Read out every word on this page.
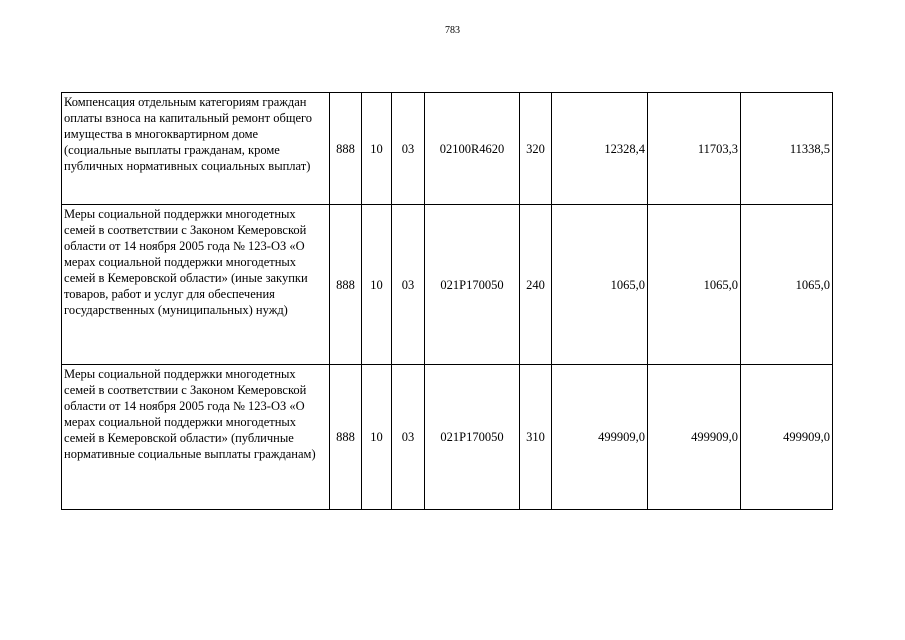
783
Компенсация отдельным категориям граждан оплаты взноса на капитальный ремонт общего имущества в многоквартирном доме (социальные выплаты гражданам, кроме публичных нормативных социальных выплат)	888	10	03	02100R4620	320	12328,4	11703,3	11338,5
Меры социальной поддержки многодетных семей в соответствии с Законом Кемеровской области от 14 ноября 2005 года № 123-ОЗ «О мерах социальной поддержки многодетных семей в Кемеровской области» (иные закупки товаров, работ и услуг для обеспечения государственных (муниципальных) нужд)	888	10	03	021P170050	240	1065,0	1065,0	1065,0
Меры социальной поддержки многодетных семей в соответствии с Законом Кемеровской области от 14 ноября 2005 года № 123-ОЗ «О мерах социальной поддержки многодетных семей в Кемеровской области» (публичные нормативные социальные выплаты гражданам)	888	10	03	021P170050	310	499909,0	499909,0	499909,0
